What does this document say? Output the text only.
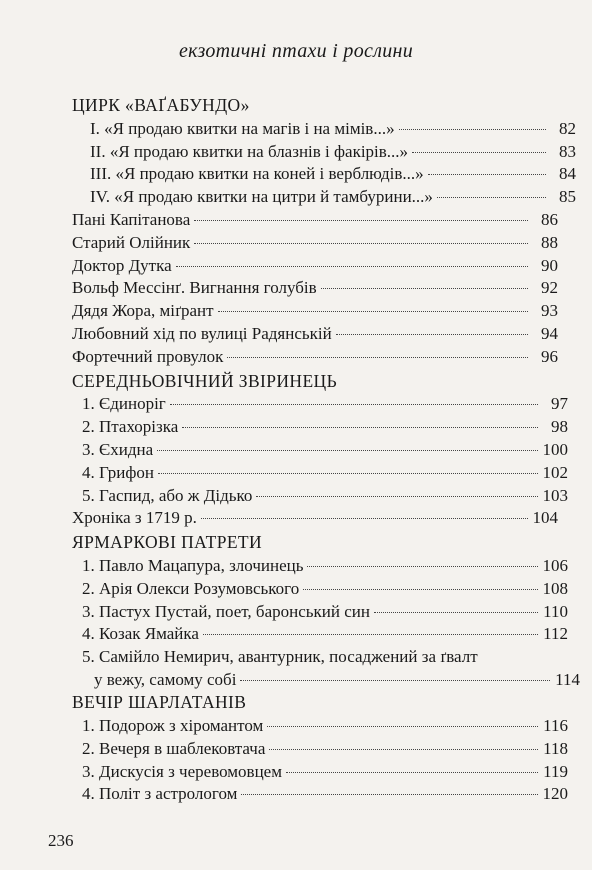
екзотичні птахи і рослини
ЦИРК «ВАҐАБУНДО»
I. «Я продаю квитки на магів і на мімів...»	82
II. «Я продаю квитки на блазнів і факірів...»	83
III. «Я продаю квитки на коней і верблюдів...»	84
IV. «Я продаю квитки на цитри й тамбурини...»	85
Пані Капітанова	86
Старий Олійник	88
Доктор Дутка	90
Вольф Мессінґ. Вигнання голубів	92
Дядя Жора, міґрант	93
Любовний хід по вулиці Радянській	94
Фортечний провулок	96
СЕРЕДНЬОВІЧНИЙ ЗВІРИНЕЦЬ
1. Єдиноріг	97
2. Птахорізка	98
3. Єхидна	100
4. Грифон	102
5. Гаспид, або ж Дідько	103
Хроніка з 1719 р.	104
ЯРМАРКОВІ ПАТРЕТИ
1. Павло Мацапура, злочинець	106
2. Арія Олекси Розумовського	108
3. Пастух Пустай, поет, баронський син	110
4. Козак Ямайка	112
5. Самійло Немирич, авантурник, посаджений за ґвалт
у вежу, самому собі	114
ВЕЧІР ШАРЛАТАНІВ
1. Подорож з хіромантом	116
2. Вечеря в шаблековтача	118
3. Дискусія з черевомовцем	119
4. Політ з астрологом	120
236
